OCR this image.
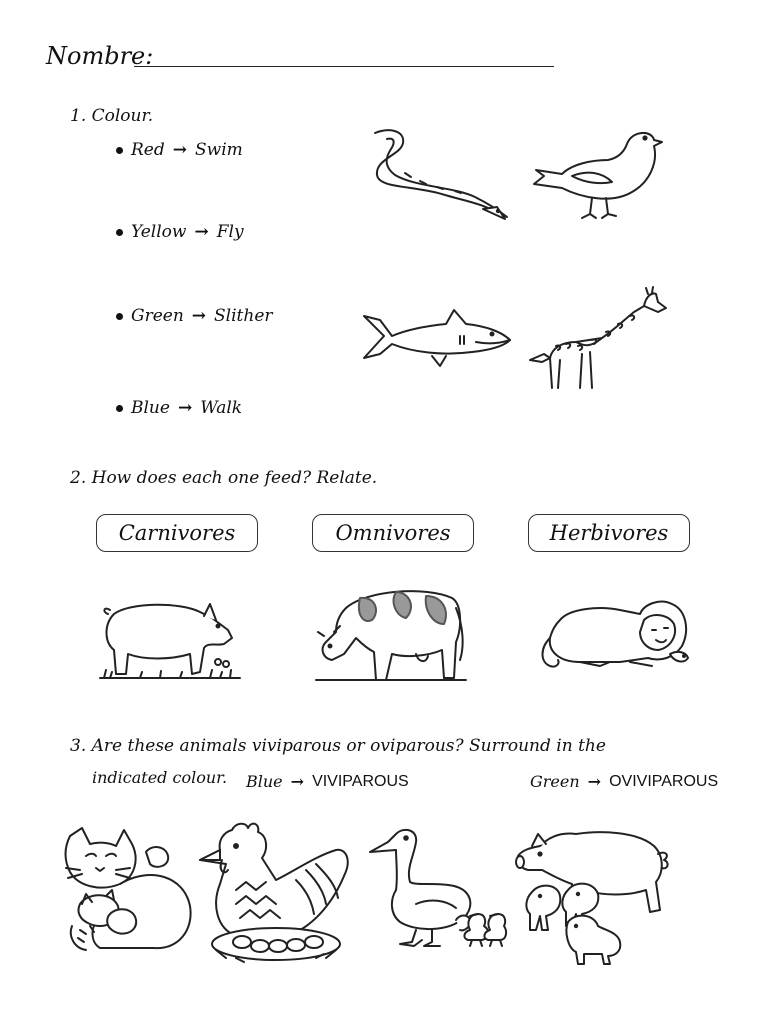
Nombre:
1. Colour.
Red → Swim
Yellow → Fly
Green → Slither
Blue → Walk
2. How does each one feed? Relate.
Carnivores	Omnivores	Herbivores
3. Are these animals viviparous or oviparous? Surround in the
indicated colour. Blue → VIVIPAROUS	Green → OVIVIPAROUS
